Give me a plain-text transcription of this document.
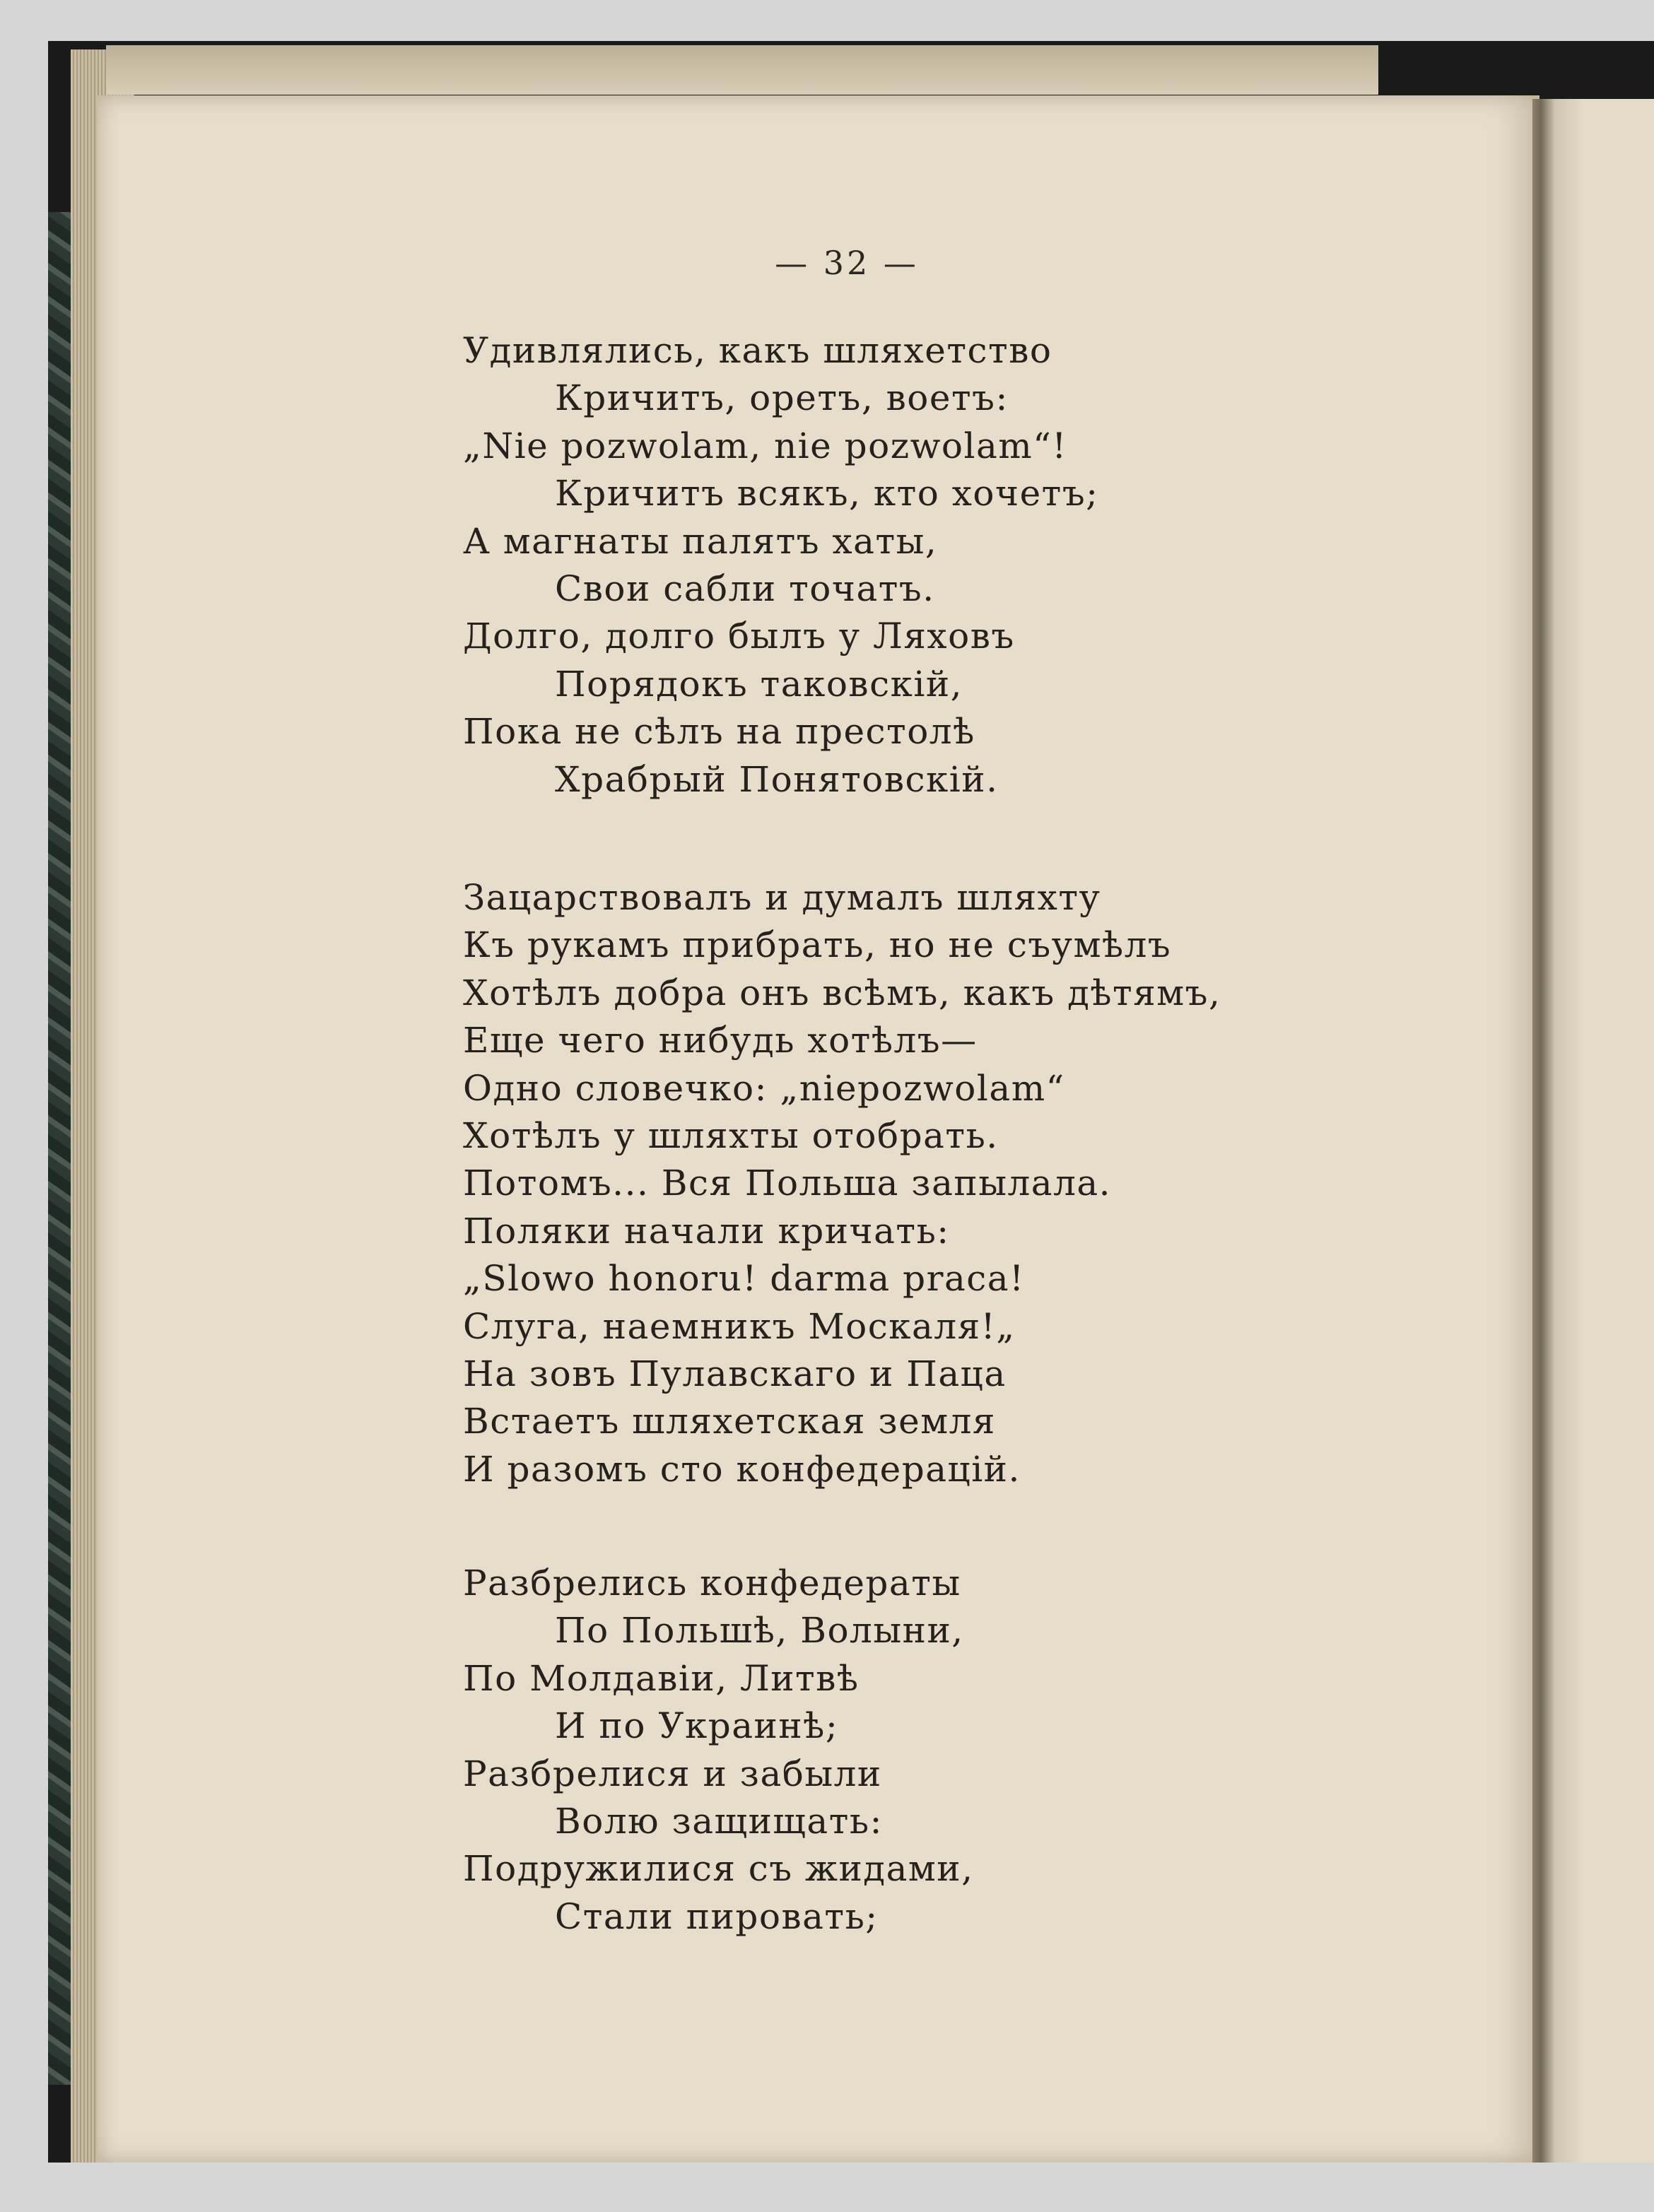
— 32 —
Удивлялись, какъ шляхетство
Кричитъ, оретъ, воетъ:
„Nie pozwolam, nie pozwolam“!
Кричитъ всякъ, кто хочетъ;
А магнаты палятъ хаты,
Свои сабли точатъ.
Долго, долго былъ у Ляховъ
Порядокъ таковскій,
Пока не сѣлъ на престолѣ
Храбрый Понятовскій.
Зацарствовалъ и думалъ шляхту
Къ рукамъ прибрать, но не съумѣлъ
Хотѣлъ добра онъ всѣмъ, какъ дѣтямъ,
Еще чего нибудь хотѣлъ—
Одно словечко: „niepozwolam“
Хотѣлъ у шляхты отобрать.
Потомъ... Вся Польша запылала.
Поляки начали кричать:
„Slowo honoru! darma praca!
Слуга, наемникъ Москаля!„
На зовъ Пулавскаго и Паца
Встаетъ шляхетская земля
И разомъ сто конфедерацій.
Разбрелись конфедераты
По Польшѣ, Волыни,
По Молдавіи, Литвѣ
И по Украинѣ;
Разбрелися и забыли
Волю защищать:
Подружилися съ жидами,
Стали пировать;
